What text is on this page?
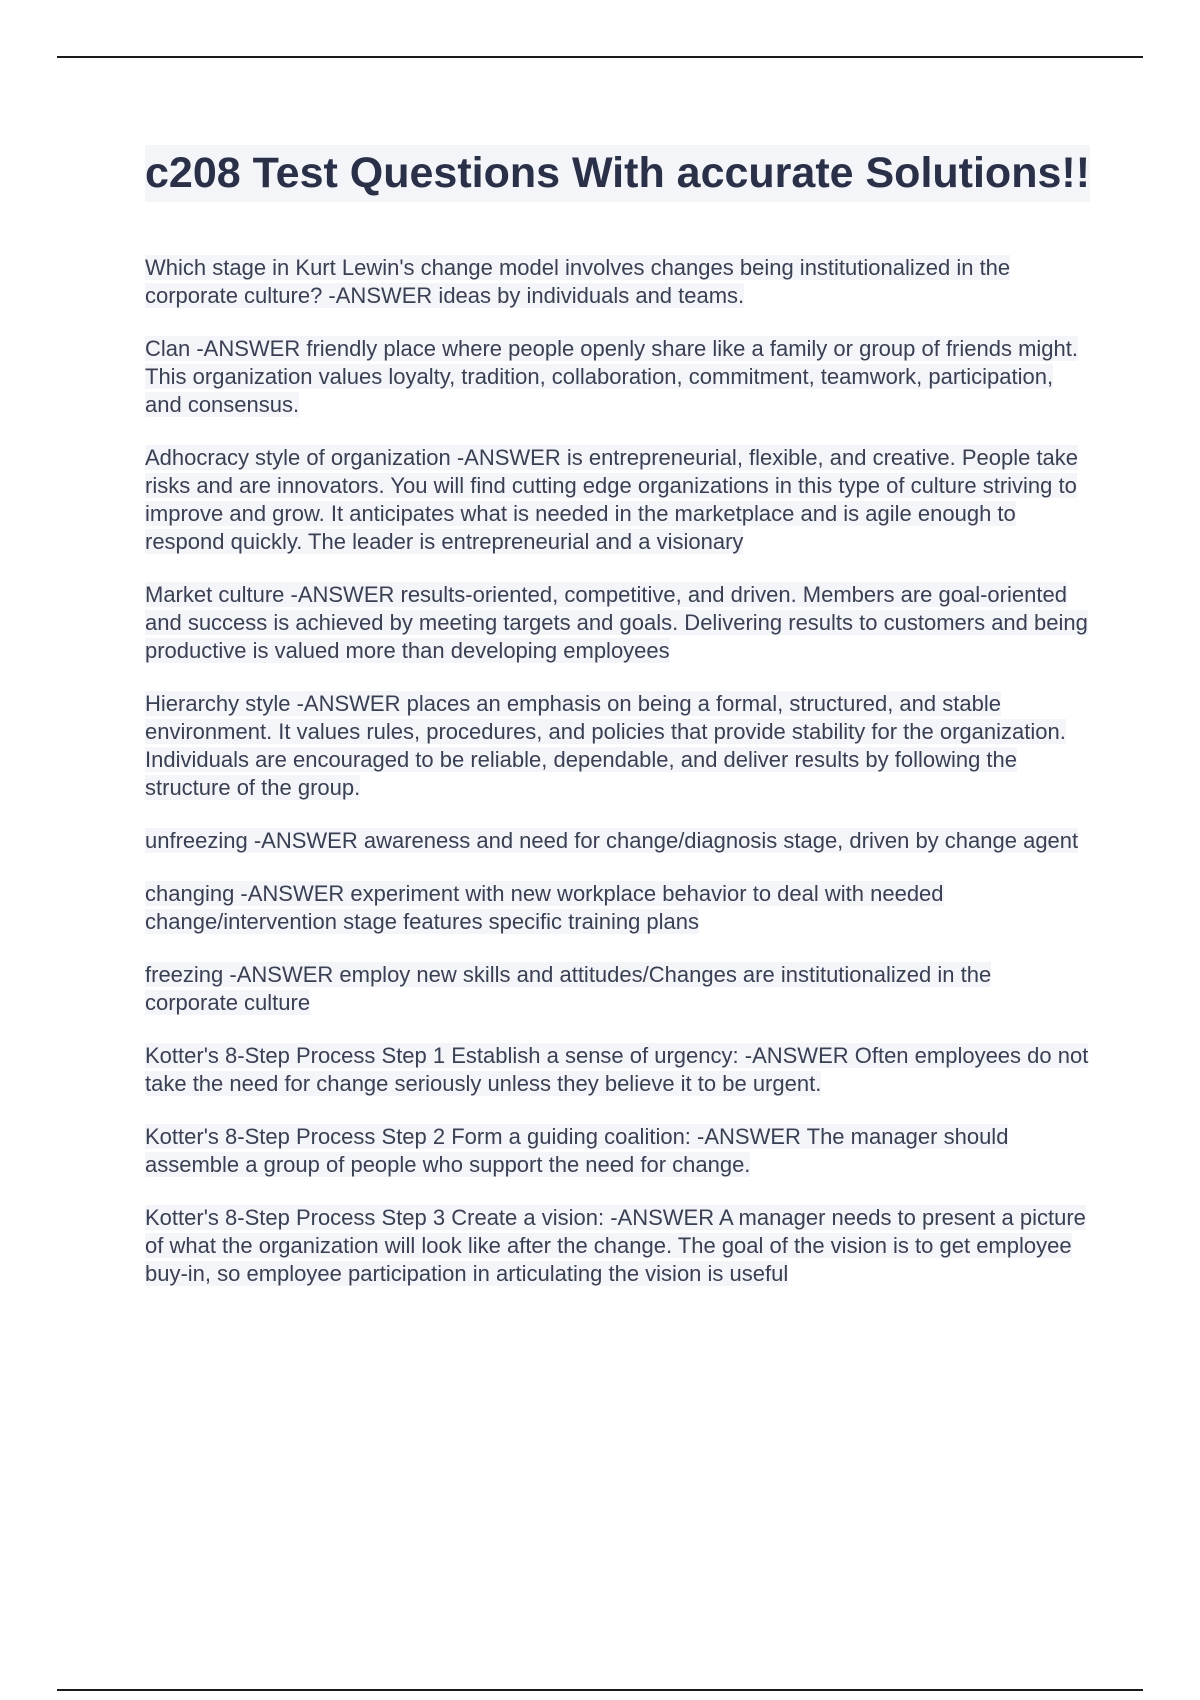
c208 Test Questions With accurate Solutions!!
Which stage in Kurt Lewin's change model involves changes being institutionalized in the corporate culture? -ANSWER ideas by individuals and teams.
Clan -ANSWER friendly place where people openly share like a family or group of friends might. This organization values loyalty, tradition, collaboration, commitment, teamwork, participation, and consensus.
Adhocracy style of organization -ANSWER is entrepreneurial, flexible, and creative. People take risks and are innovators. You will find cutting edge organizations in this type of culture striving to improve and grow. It anticipates what is needed in the marketplace and is agile enough to respond quickly. The leader is entrepreneurial and a visionary
Market culture -ANSWER results-oriented, competitive, and driven. Members are goal-oriented and success is achieved by meeting targets and goals. Delivering results to customers and being productive is valued more than developing employees
Hierarchy style -ANSWER places an emphasis on being a formal, structured, and stable environment. It values rules, procedures, and policies that provide stability for the organization. Individuals are encouraged to be reliable, dependable, and deliver results by following the structure of the group.
unfreezing -ANSWER awareness and need for change/diagnosis stage, driven by change agent
changing -ANSWER experiment with new workplace behavior to deal with needed change/intervention stage features specific training plans
freezing -ANSWER employ new skills and attitudes/Changes are institutionalized in the corporate culture
Kotter's 8-Step Process Step 1 Establish a sense of urgency: -ANSWER Often employees do not take the need for change seriously unless they believe it to be urgent.
Kotter's 8-Step Process Step 2 Form a guiding coalition: -ANSWER The manager should assemble a group of people who support the need for change.
Kotter's 8-Step Process Step 3 Create a vision: -ANSWER A manager needs to present a picture of what the organization will look like after the change. The goal of the vision is to get employee buy-in, so employee participation in articulating the vision is useful
